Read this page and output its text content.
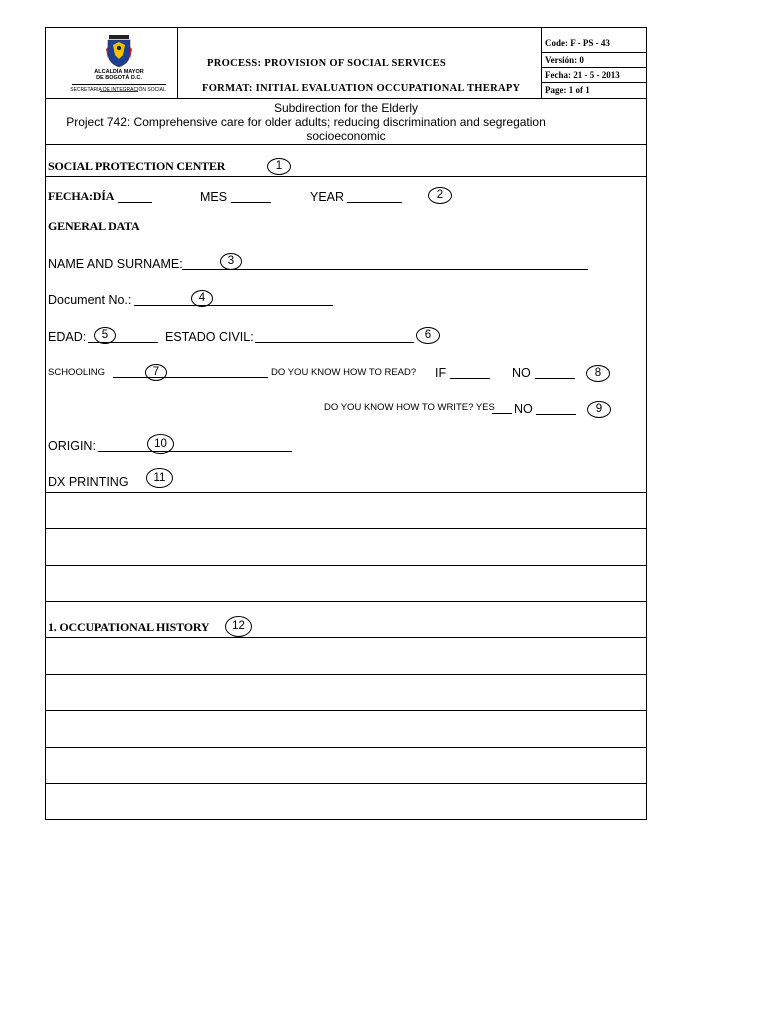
ALCALDÍA MAYOR
DE BOGOTÁ D.C.
SECRETARÍA DE INTEGRACIÓN SOCIAL
PROCESS: PROVISION OF SOCIAL SERVICES
FORMAT: INITIAL EVALUATION OCCUPATIONAL THERAPY
Code: F - PS - 43
Versión: 0
Fecha: 21 - 5 - 2013
Page: 1 of 1
Subdirection for the Elderly
Project 742: Comprehensive care for older adults; reducing discrimination and segregation
socioeconomic
SOCIAL PROTECTION CENTER	1
FECHA:DÍA	MES	YEAR	2
GENERAL DATA
NAME AND SURNAME:	3
Document No.:	4
EDAD:	5	ESTADO CIVIL:	6
SCHOOLING	7	DO YOU KNOW HOW TO READ? IF	NO	8
DO YOU KNOW HOW TO WRITE? YES NO	9
ORIGIN:	10
DX PRINTING	11
1. OCCUPATIONAL HISTORY	12
